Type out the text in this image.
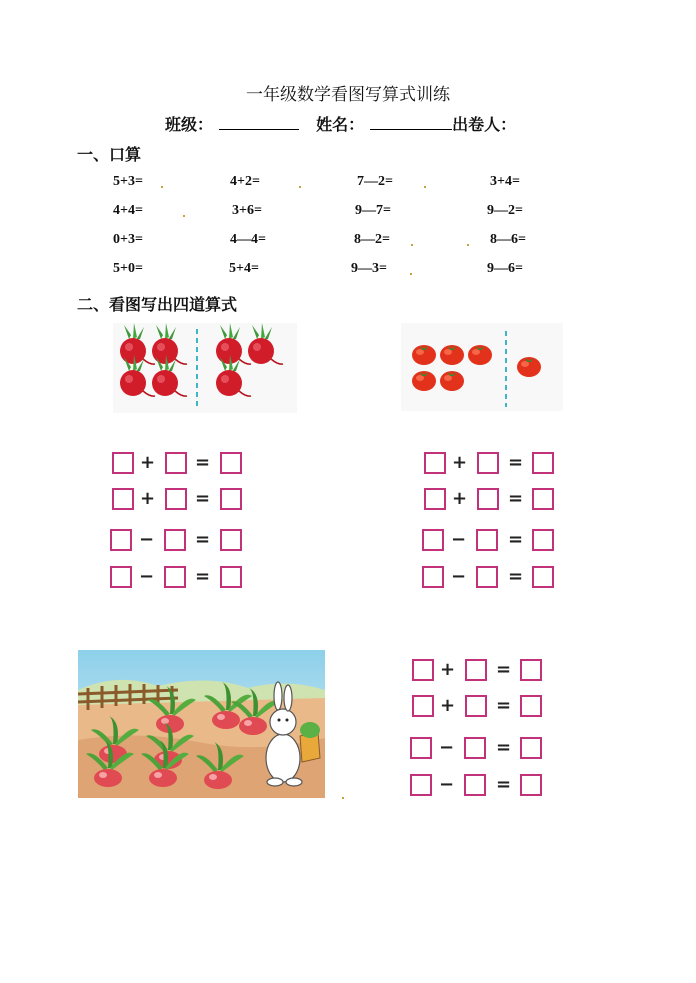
一年级数学看图写算式训练
班级：	姓名：	出卷人：
一、口算
5+3=	4+2=	7—2=	3+4=
4+4=	3+6=	9—7=	9—2=
0+3=	4—4=	8—2=	8—6=
5+0=	5+4=	9—3=	9—6=
二、看图写出四道算式
+ =
+ =
− =
− =
+ =
+ =
− =
− =
+ =
+ =
− =
− =
